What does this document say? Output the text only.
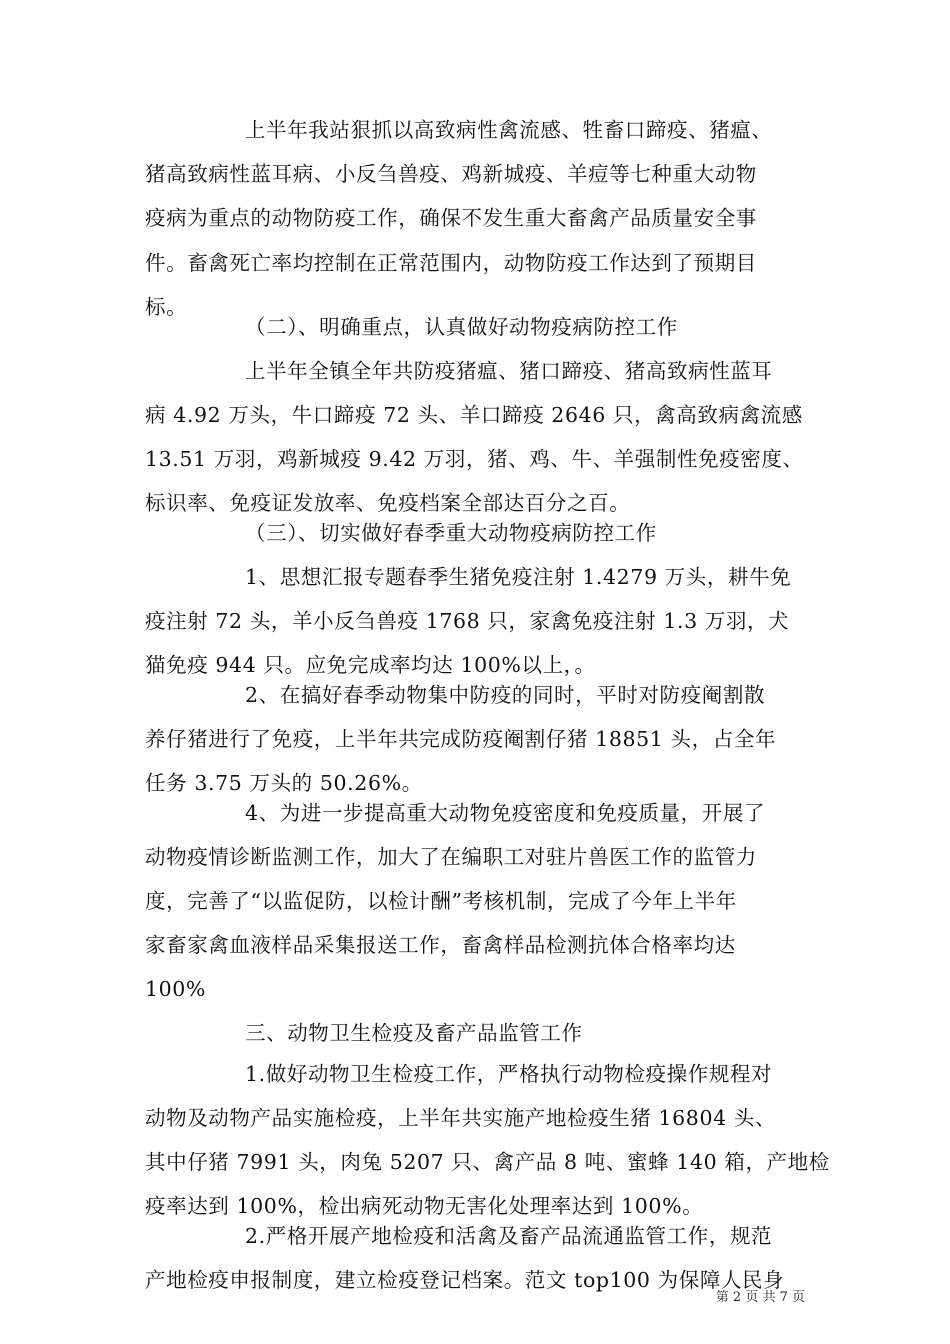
上半年我站狠抓以高致病性禽流感、牲畜口蹄疫、猪瘟、
猪高致病性蓝耳病、小反刍兽疫、鸡新城疫、羊痘等七种重大动物
疫病为重点的动物防疫工作，确保不发生重大畜禽产品质量安全事
件。畜禽死亡率均控制在正常范围内，动物防疫工作达到了预期目
标。
（二）、明确重点，认真做好动物疫病防控工作
上半年全镇全年共防疫猪瘟、猪口蹄疫、猪高致病性蓝耳
病 4.92 万头，牛口蹄疫 72 头、羊口蹄疫 2646 只，禽高致病禽流感
13.51 万羽，鸡新城疫 9.42 万羽，猪、鸡、牛、羊强制性免疫密度、
标识率、免疫证发放率、免疫档案全部达百分之百。
（三）、切实做好春季重大动物疫病防控工作
1、思想汇报专题春季生猪免疫注射 1.4279 万头，耕牛免
疫注射 72 头，羊小反刍兽疫 1768 只，家禽免疫注射 1.3 万羽，犬
猫免疫 944 只。应免完成率均达 100%以上，。
2、在搞好春季动物集中防疫的同时，平时对防疫阉割散
养仔猪进行了免疫，上半年共完成防疫阉割仔猪 18851 头，占全年
任务 3.75 万头的 50.26%。
4、为进一步提高重大动物免疫密度和免疫质量，开展了
动物疫情诊断监测工作，加大了在编职工对驻片兽医工作的监管力
度，完善了“以监促防，以检计酬”考核机制，完成了今年上半年
家畜家禽血液样品采集报送工作，畜禽样品检测抗体合格率均达
100%
三、动物卫生检疫及畜产品监管工作
1.做好动物卫生检疫工作，严格执行动物检疫操作规程对
动物及动物产品实施检疫，上半年共实施产地检疫生猪 16804 头、
其中仔猪 7991 头，肉兔 5207 只、禽产品 8 吨、蜜蜂 140 箱，产地检
疫率达到 100%，检出病死动物无害化处理率达到 100%。
2.严格开展产地检疫和活禽及畜产品流通监管工作，规范
产地检疫申报制度，建立检疫登记档案。范文 top100 为保障人民身
第 2 页 共 7 页
